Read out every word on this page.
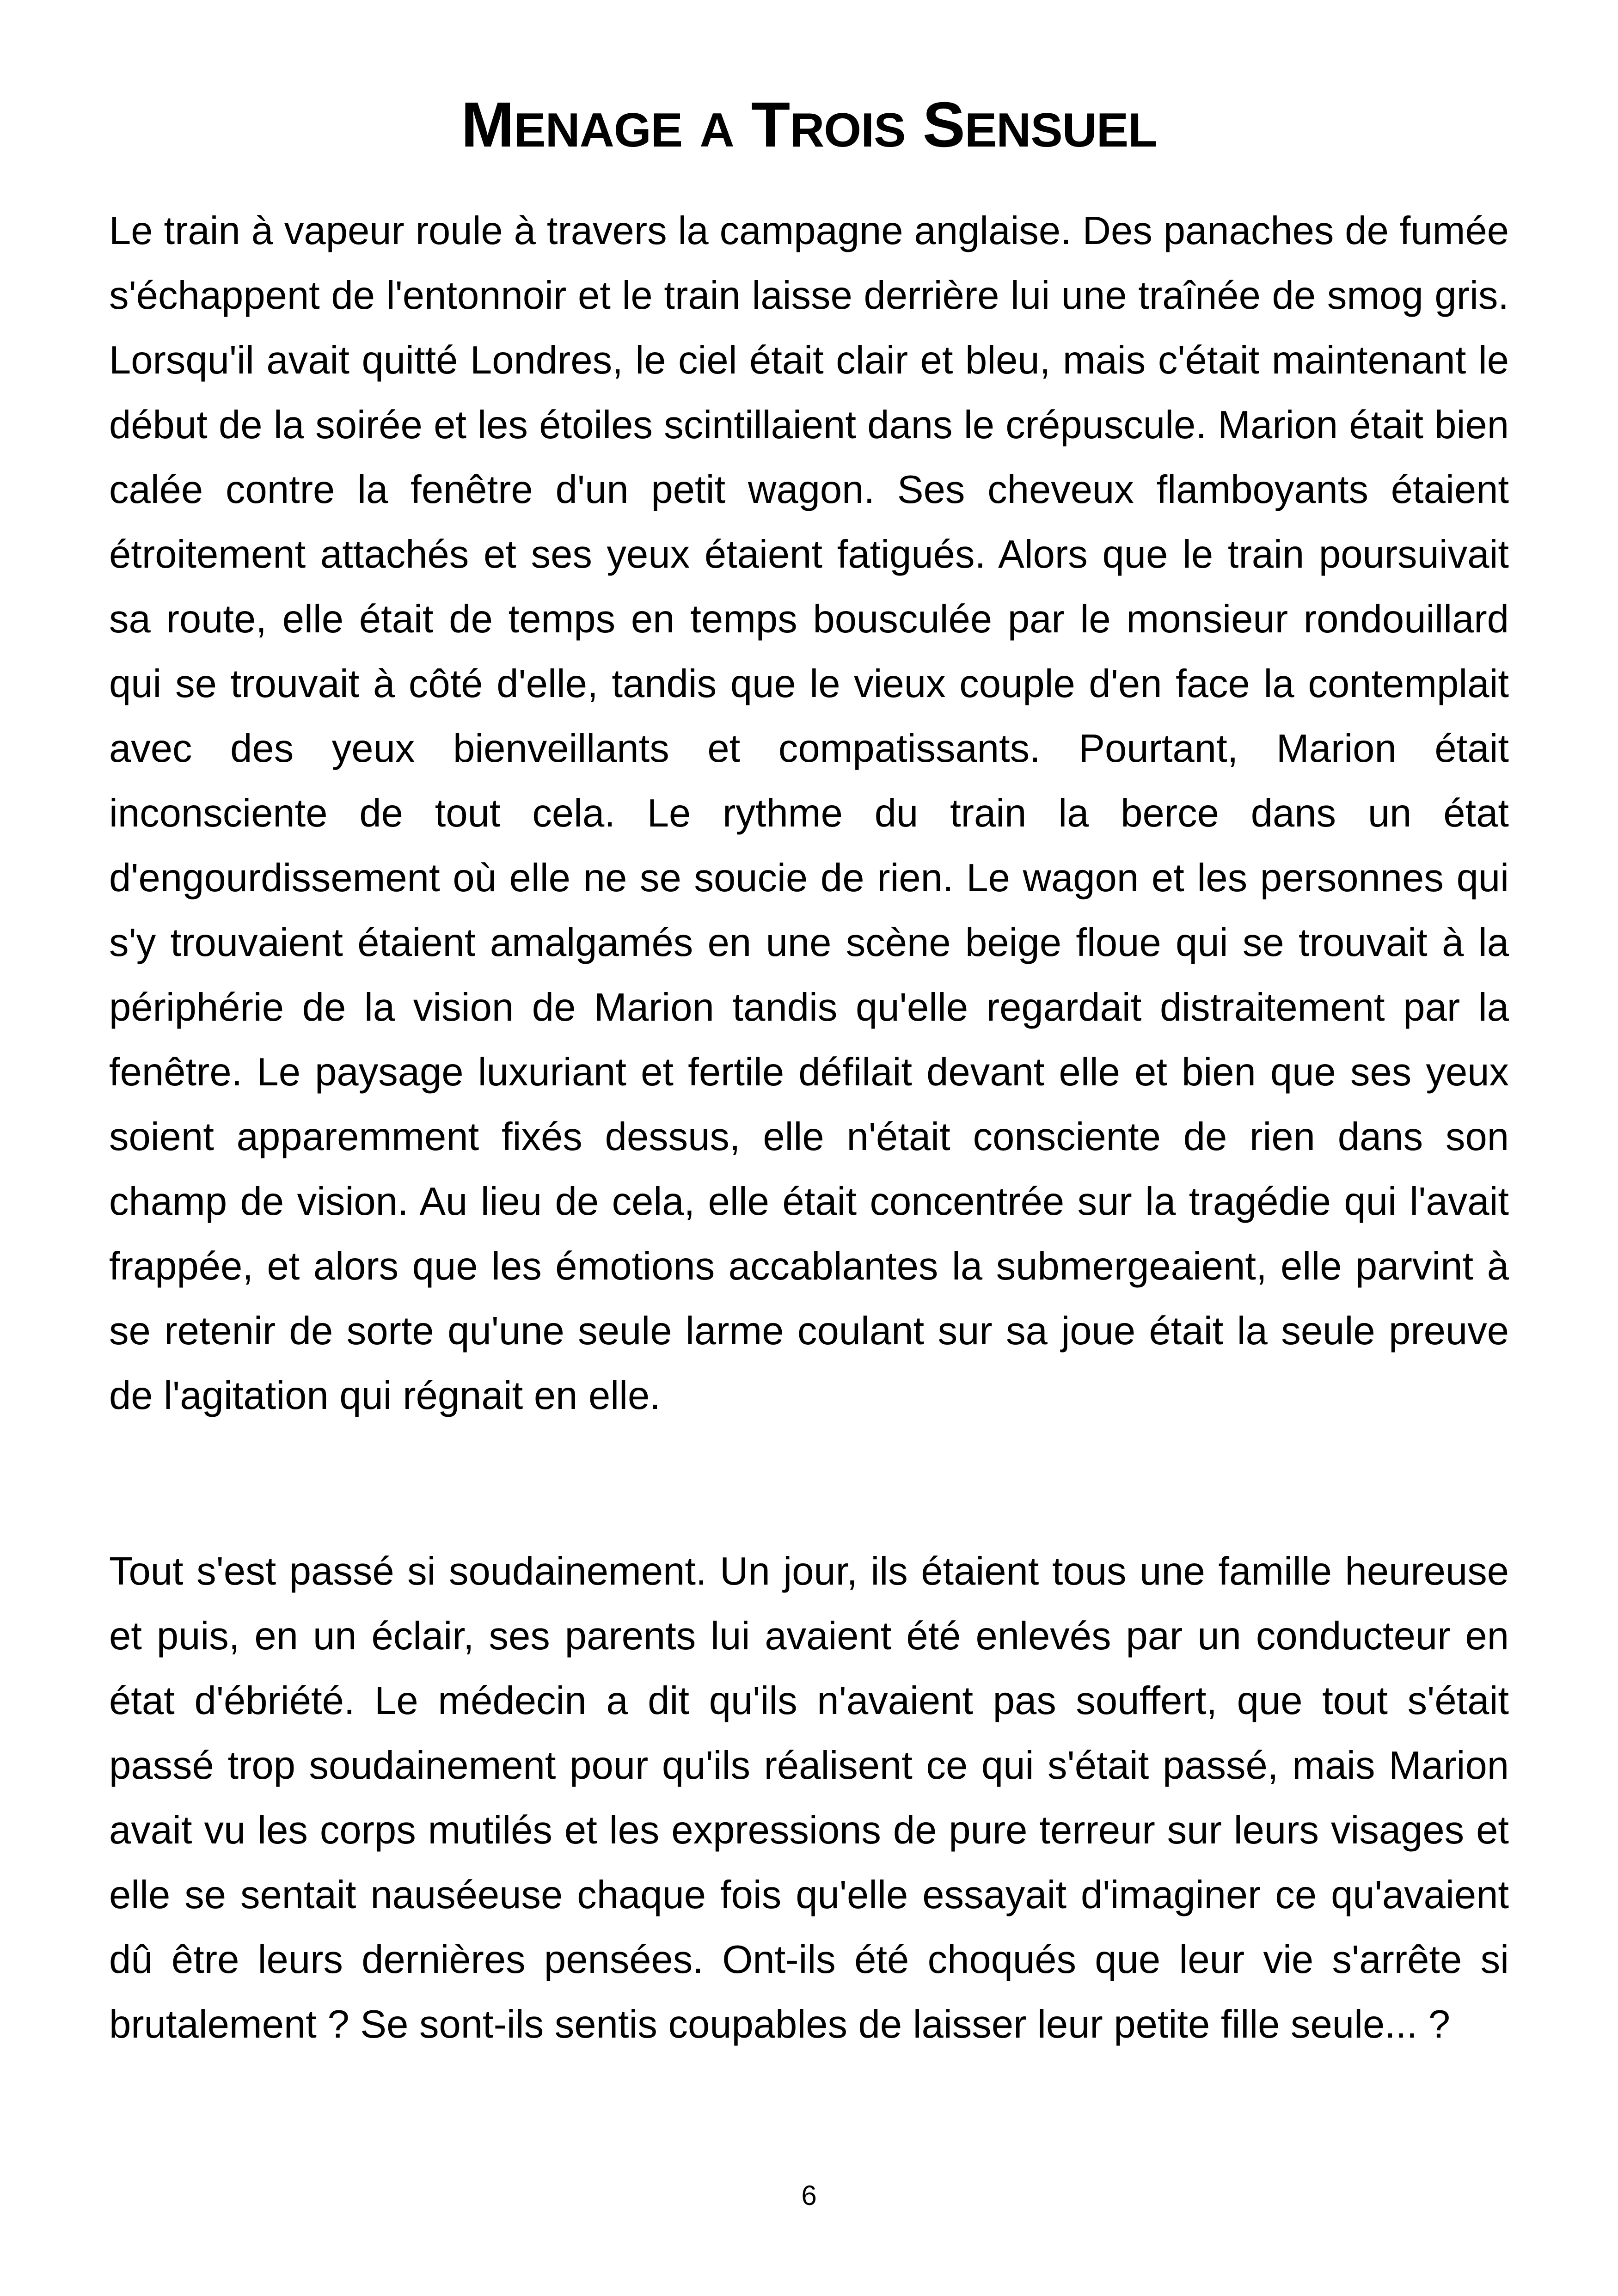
MENAGE A TROIS SENSUEL

Le train à vapeur roule à travers la campagne anglaise. Des panaches de fumée s'échappent de l'entonnoir et le train laisse derrière lui une traînée de smog gris. Lorsqu'il avait quitté Londres, le ciel était clair et bleu, mais c'était maintenant le début de la soirée et les étoiles scintillaient dans le crépuscule. Marion était bien calée contre la fenêtre d'un petit wagon. Ses cheveux flamboyants étaient étroitement attachés et ses yeux étaient fatigués. Alors que le train poursuivait sa route, elle était de temps en temps bousculée par le monsieur rondouillard qui se trouvait à côté d'elle, tandis que le vieux couple d'en face la contemplait avec des yeux bienveillants et compatissants. Pourtant, Marion était inconsciente de tout cela. Le rythme du train la berce dans un état d'engourdissement où elle ne se soucie de rien. Le wagon et les personnes qui s'y trouvaient étaient amalgamés en une scène beige floue qui se trouvait à la périphérie de la vision de Marion tandis qu'elle regardait distraitement par la fenêtre. Le paysage luxuriant et fertile défilait devant elle et bien que ses yeux soient apparemment fixés dessus, elle n'était consciente de rien dans son champ de vision. Au lieu de cela, elle était concentrée sur la tragédie qui l'avait frappée, et alors que les émotions accablantes la submergeaient, elle parvint à se retenir de sorte qu'une seule larme coulant sur sa joue était la seule preuve de l'agitation qui régnait en elle.

Tout s'est passé si soudainement. Un jour, ils étaient tous une famille heureuse et puis, en un éclair, ses parents lui avaient été enlevés par un conducteur en état d'ébriété. Le médecin a dit qu'ils n'avaient pas souffert, que tout s'était passé trop soudainement pour qu'ils réalisent ce qui s'était passé, mais Marion avait vu les corps mutilés et les expressions de pure terreur sur leurs visages et elle se sentait nauséeuse chaque fois qu'elle essayait d'imaginer ce qu'avaient dû être leurs dernières pensées. Ont-ils été choqués que leur vie s'arrête si brutalement ? Se sont-ils sentis coupables de laisser leur petite fille seule... ?

6
